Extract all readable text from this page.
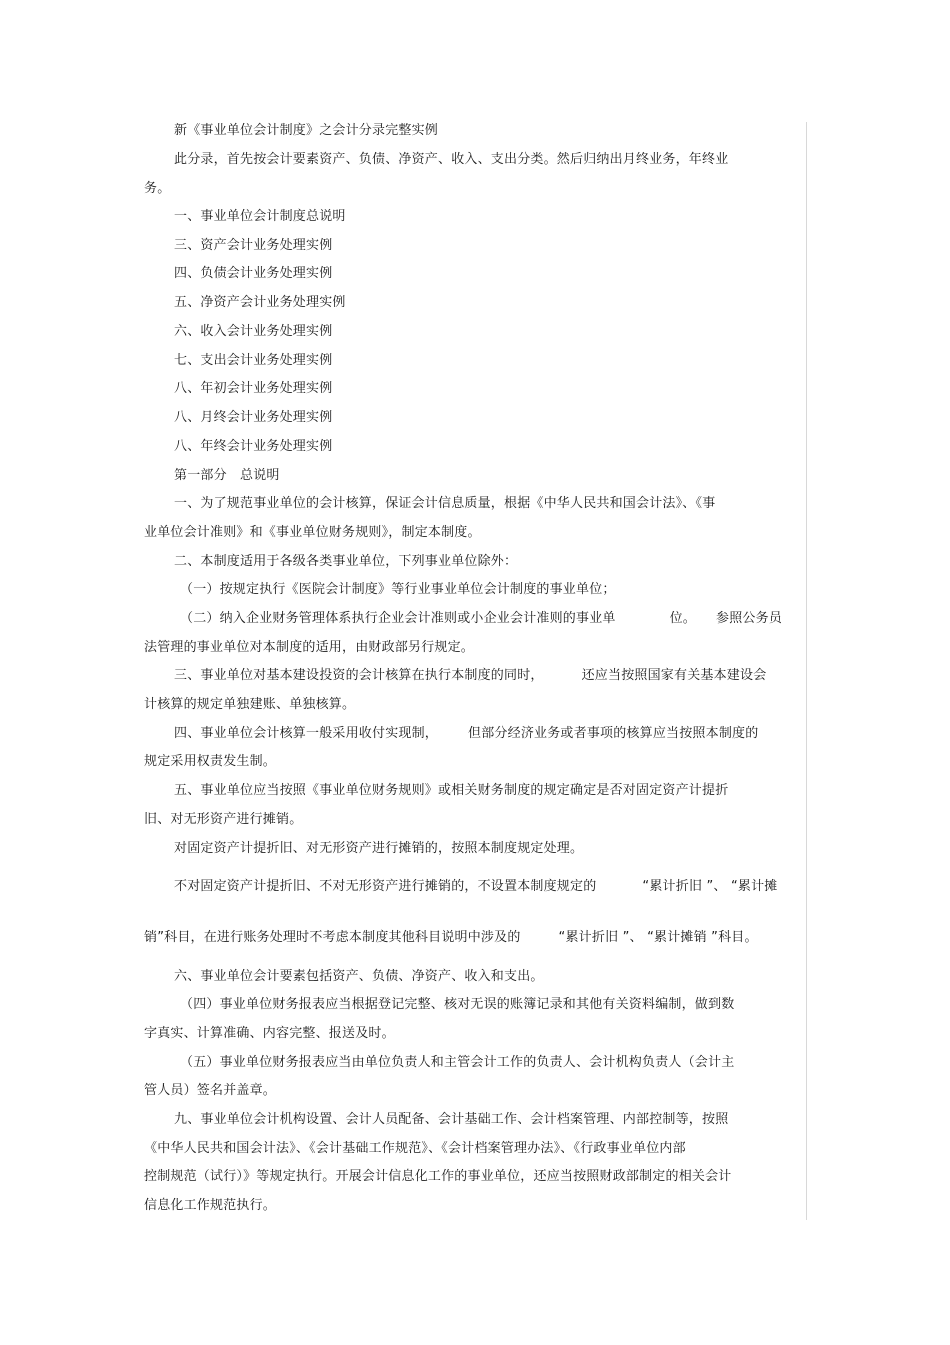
新《事业单位会计制度》之会计分录完整实例
此分录，首先按会计要素资产、负债、净资产、收入、支出分类。然后归纳出月终业务，年终业
务。
一、事业单位会计制度总说明
三、资产会计业务处理实例
四、负债会计业务处理实例
五、净资产会计业务处理实例
六、收入会计业务处理实例
七、支出会计业务处理实例
八、年初会计业务处理实例
八、月终会计业务处理实例
八、年终会计业务处理实例
第一部分　总说明
一、为了规范事业单位的会计核算，保证会计信息质量，根据《中华人民共和国会计法》、《事
业单位会计准则》和《事业单位财务规则》，制定本制度。
二、本制度适用于各级各类事业单位，下列事业单位除外：
（一）按规定执行《医院会计制度》等行业事业单位会计制度的事业单位；
（二）纳入企业财务管理体系执行企业会计准则或小企业会计准则的事业单	位。 参照公务员
法管理的事业单位对本制度的适用，由财政部另行规定。
三、事业单位对基本建设投资的会计核算在执行本制度的同时，	还应当按照国家有关基本建设会
计核算的规定单独建账、单独核算。
四、事业单位会计核算一般采用收付实现制， 但部分经济业务或者事项的核算应当按照本制度的
规定采用权责发生制。
五、事业单位应当按照《事业单位财务规则》或相关财务制度的规定确定是否对固定资产计提折
旧、对无形资产进行摊销。
对固定资产计提折旧、对无形资产进行摊销的，按照本制度规定处理。
不对固定资产计提折旧、不对无形资产进行摊销的，不设置本制度规定的	“累计折旧 ”、 “累计摊
销”科目，在进行账务处理时不考虑本制度其他科目说明中涉及的	“累计折旧 ”、 “累计摊销 ”科目。
六、事业单位会计要素包括资产、负债、净资产、收入和支出。
（四）事业单位财务报表应当根据登记完整、核对无误的账簿记录和其他有关资料编制，做到数
字真实、计算准确、内容完整、报送及时。
（五）事业单位财务报表应当由单位负责人和主管会计工作的负责人、会计机构负责人（会计主
管人员）签名并盖章。
九、事业单位会计机构设置、会计人员配备、会计基础工作、会计档案管理、内部控制等，按照
《中华人民共和国会计法》、《会计基础工作规范》、《会计档案管理办法》、《行政事业单位内部
控制规范（试行）》等规定执行。开展会计信息化工作的事业单位，还应当按照财政部制定的相关会计
信息化工作规范执行。
